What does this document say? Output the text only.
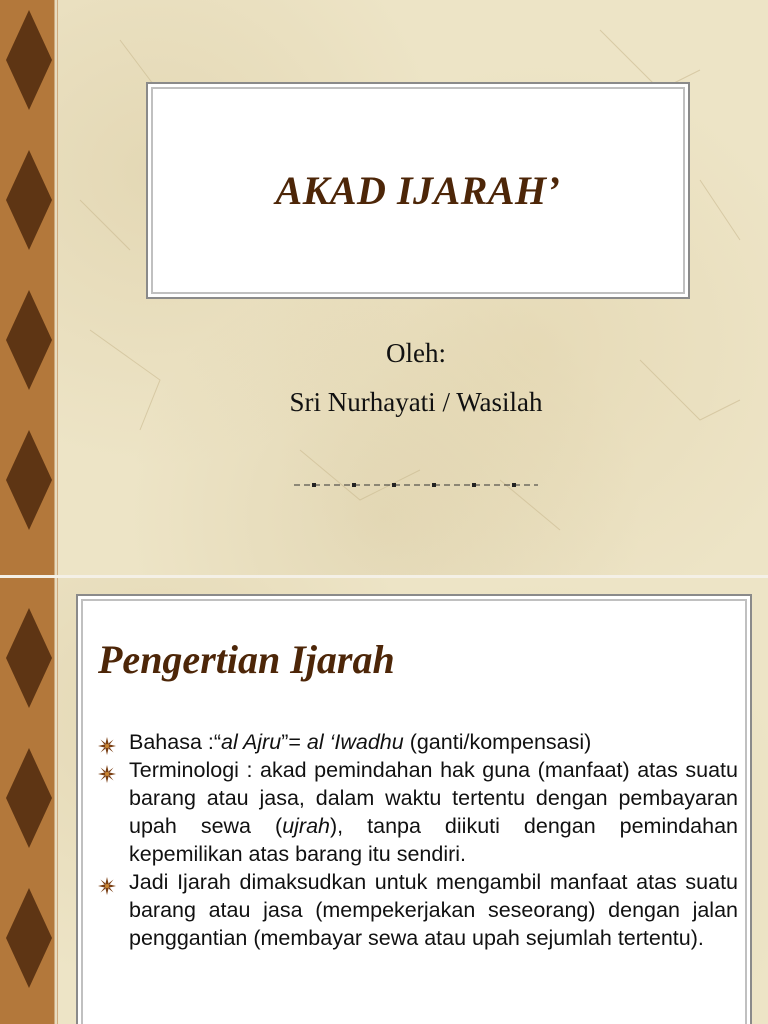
AKAD IJARAH’
Oleh:
Sri Nurhayati / Wasilah
Pengertian Ijarah
Bahasa :“al Ajru”= al ‘Iwadhu (ganti/kompensasi)
Terminologi : akad pemindahan hak guna (manfaat) atas suatu barang atau jasa, dalam waktu tertentu dengan pembayaran upah sewa (ujrah), tanpa diikuti dengan pemindahan kepemilikan atas barang itu sendiri.
Jadi Ijarah dimaksudkan untuk mengambil manfaat atas suatu barang atau jasa (mempekerjakan seseorang) dengan jalan penggantian (membayar sewa atau upah sejumlah tertentu).
